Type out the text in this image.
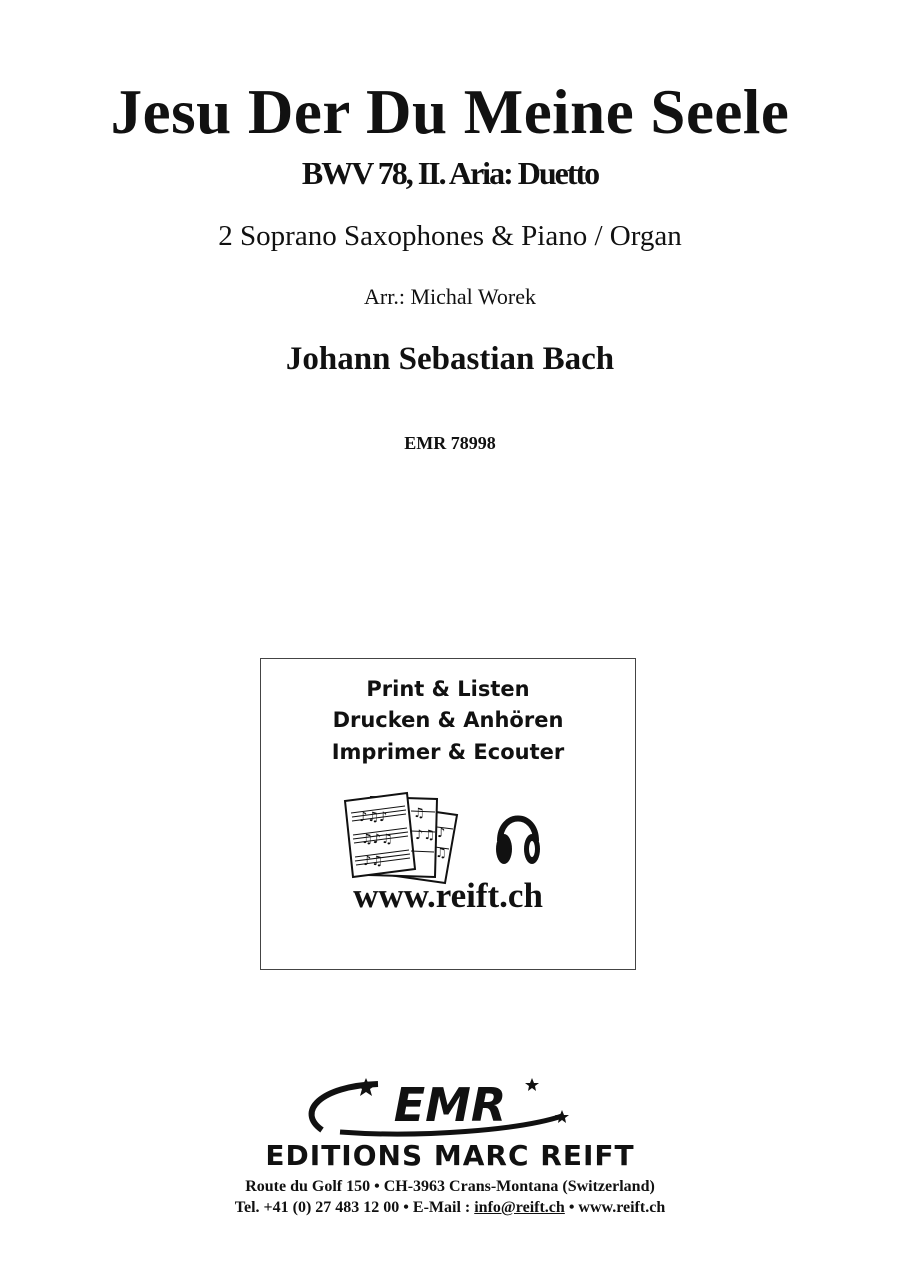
Jesu Der Du Meine Seele
BWV 78, II. Aria: Duetto
2 Soprano Saxophones & Piano / Organ
Arr.: Michal Worek
Johann Sebastian Bach
EMR 78998
Print & Listen
Drucken & Anhören
Imprimer & Ecouter
♪♫♪
♫♪♫
♪♫
♫
♪♫ ♪
♫
www.reift.ch
EMR
EDITIONS MARC REIFT
Route du Golf 150 • CH-3963 Crans-Montana (Switzerland)
Tel. +41 (0) 27 483 12 00 • E-Mail : info@reift.ch • www.reift.ch
